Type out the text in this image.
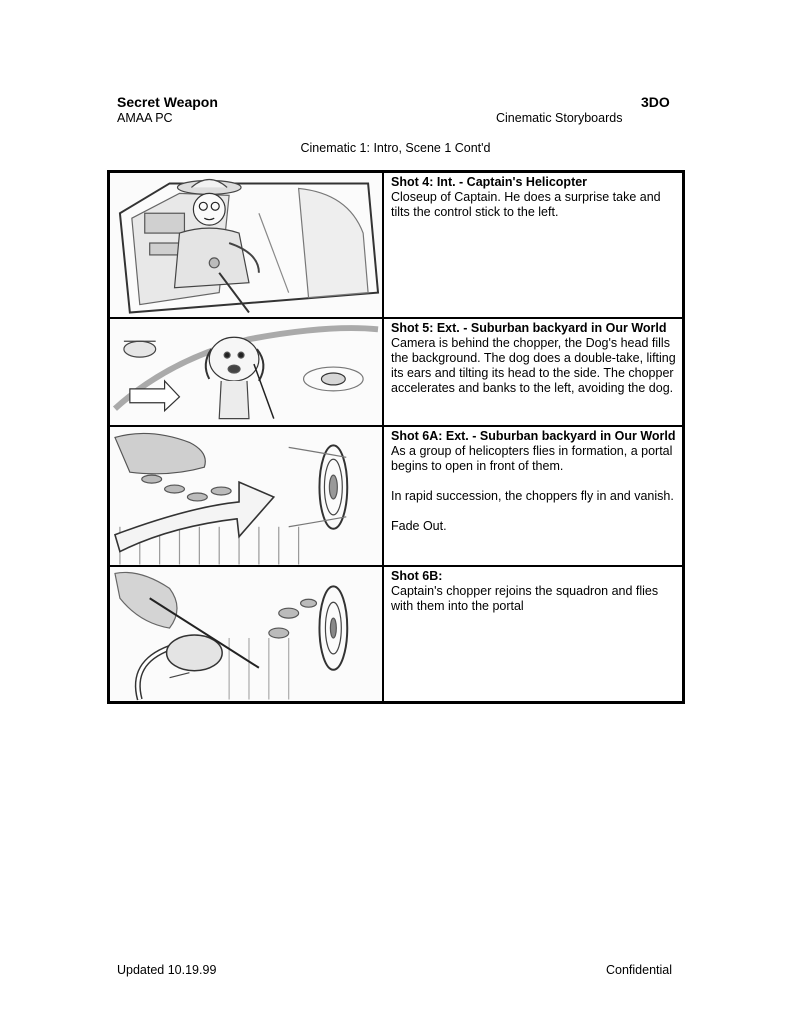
Secret Weapon	3DO
AMAA PC	Cinematic Storyboards
Cinematic 1: Intro, Scene 1 Cont'd
Shot 4: Int. - Captain's Helicopter

Closeup of Captain. He does a surprise take and tilts the control stick to the left.

Shot 5: Ext. - Suburban backyard in Our World

Camera is behind the chopper, the Dog's head fills the background. The dog does a double-take, lifting its ears and tilting its head to the side. The chopper accelerates and banks to the left, avoiding the dog.

Shot 6A: Ext. - Suburban backyard in Our World

As a group of helicopters flies in formation, a portal begins to open in front of them.

In rapid succession, the choppers fly in and vanish.

Fade Out.

Shot 6B:

Captain's chopper rejoins the squadron and flies with them into the portal

Updated 10.19.99	Confidential
